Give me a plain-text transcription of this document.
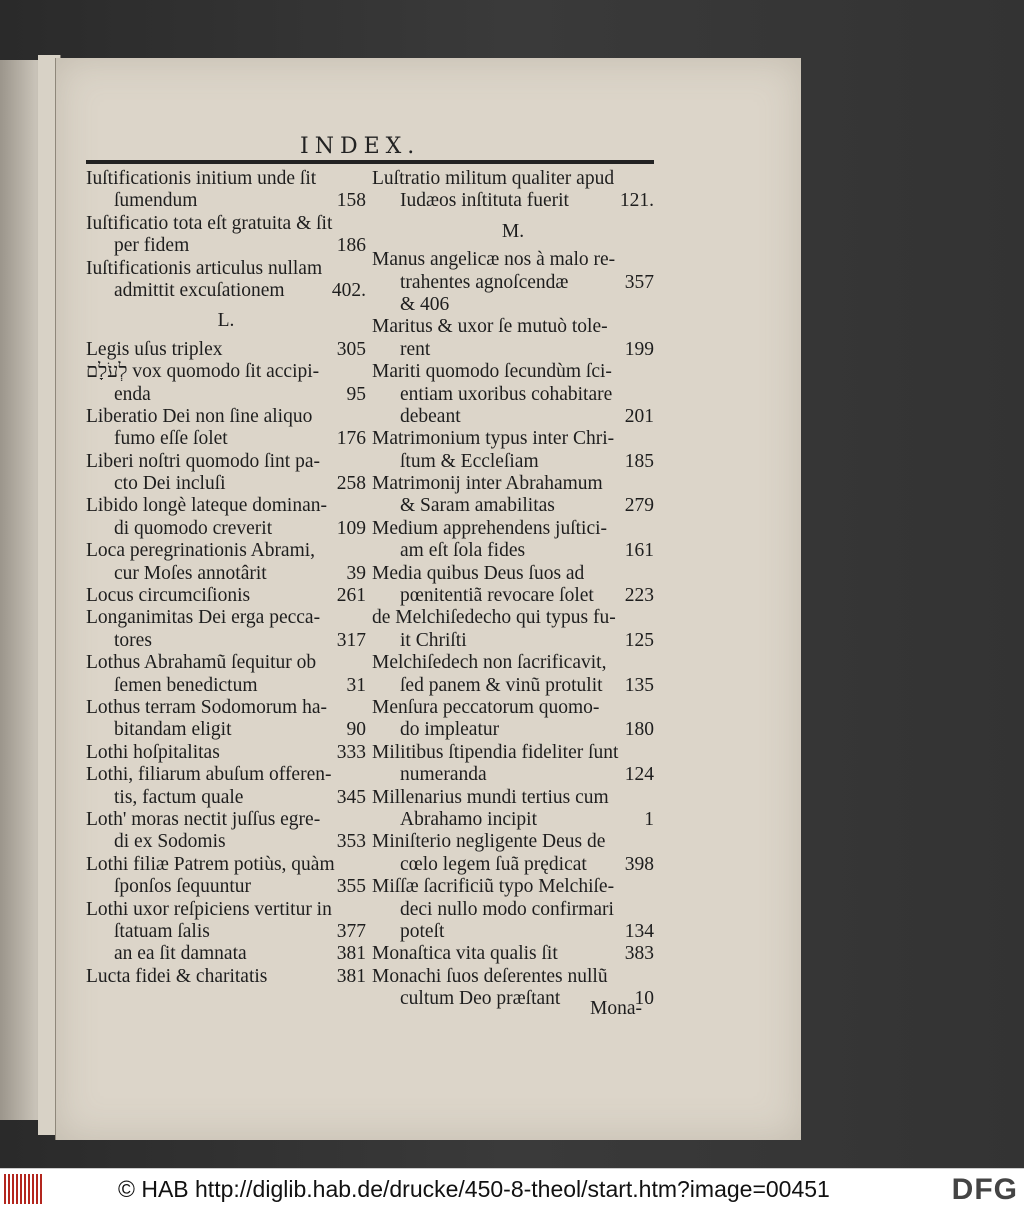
INDEX.
Iuſtificationis initium unde ſit
ſumendum	158
Iuſtificatio tota eſt gratuita & ſit
per fidem	186
Iuſtificationis articulus nullam
admittit excuſationem	402.
L.
Legis uſus triplex	305
לְעֹלָם vox quomodo ſit accipi-
enda	95
Liberatio Dei non ſine aliquo
fumo eſſe ſolet	176
Liberi noſtri quomodo ſint pa-
cto Dei incluſi	258
Libido longè lateque dominan-
di quomodo creverit	109
Loca peregrinationis Abrami,
cur Moſes annotârit	39
Locus circumciſionis	261
Longanimitas Dei erga pecca-
tores	317
Lothus Abrahamũ ſequitur ob
ſemen benedictum	31
Lothus terram Sodomorum ha-
bitandam eligit	90
Lothi hoſpitalitas	333
Lothi, filiarum abuſum offeren-
tis, factum quale	345
Loth' moras nectit juſſus egre-
di ex Sodomis	353
Lothi filiæ Patrem potiùs, quàm
ſponſos ſequuntur	355
Lothi uxor reſpiciens vertitur in
ſtatuam ſalis	377
an ea ſit damnata	381
Lucta fidei & charitatis	381
Luſtratio militum qualiter apud
Iudæos inſtituta fuerit	121.
M.
Manus angelicæ nos à malo re-
trahentes agnoſcendæ	357
& 406
Maritus & uxor ſe mutuò tole-
rent	199
Mariti quomodo ſecundùm ſci-
entiam uxoribus cohabitare
debeant	201
Matrimonium typus inter Chri-
ſtum & Eccleſiam	185
Matrimonij inter Abrahamum
& Saram amabilitas	279
Medium apprehendens juſtici-
am eſt ſola fides	161
Media quibus Deus ſuos ad
pœnitentiã revocare ſolet	223
de Melchiſedecho qui typus fu-
it Chriſti	125
Melchiſedech non ſacrificavit,
ſed panem & vinũ protulit	135
Menſura peccatorum quomo-
do impleatur	180
Militibus ſtipendia fideliter ſunt
numeranda	124
Millenarius mundi tertius cum
Abrahamo incipit	1
Miniſterio negligente Deus de
cœlo legem ſuã prędicat	398
Miſſæ ſacrificiũ typo Melchiſe-
deci nullo modo confirmari
poteſt	134
Monaſtica vita qualis ſit	383
Monachi ſuos deſerentes nullũ
cultum Deo præſtant	10
Mona-
© HAB http://diglib.hab.de/drucke/450-8-theol/start.htm?image=00451	DFG
